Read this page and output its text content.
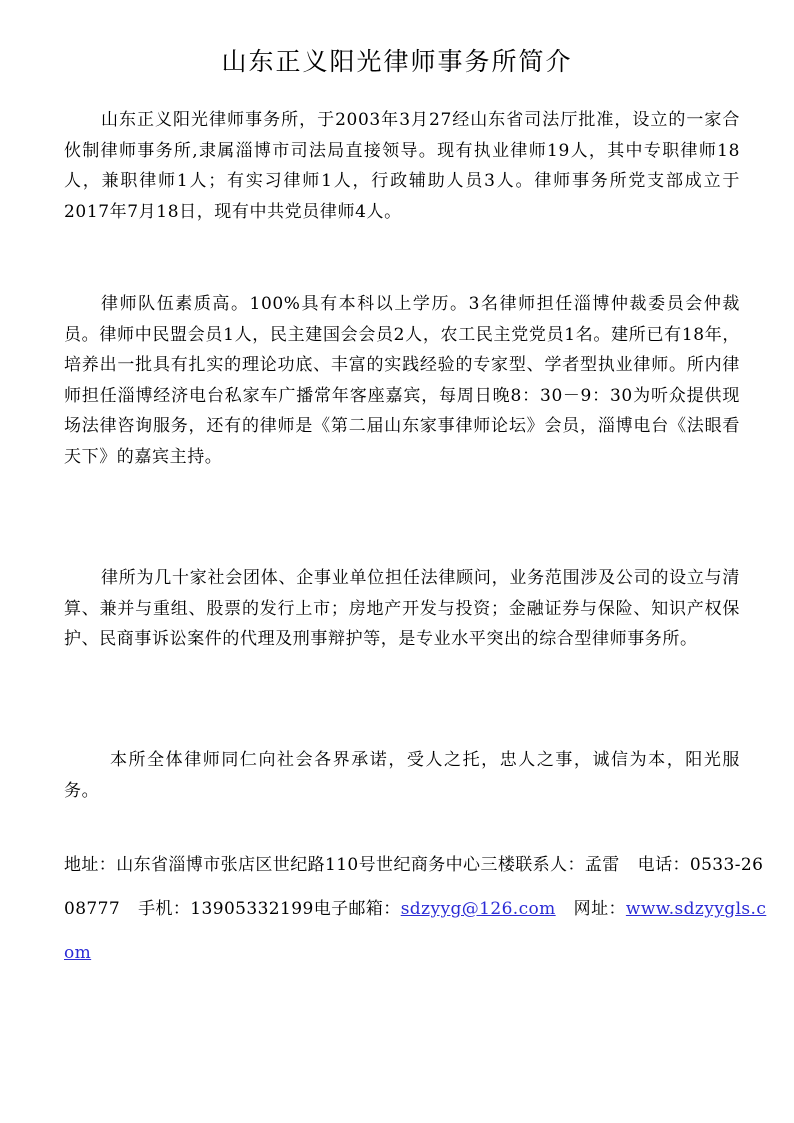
山东正义阳光律师事务所简介

山东正义阳光律师事务所，于2003年3月27经山东省司法厅批准，设立的一家合伙制律师事务所,隶属淄博市司法局直接领导。现有执业律师19人，其中专职律师18人，兼职律师1人；有实习律师1人，行政辅助人员3人。律师事务所党支部成立于2017年7月18日，现有中共党员律师4人。

律师队伍素质高。100%具有本科以上学历。3名律师担任淄博仲裁委员会仲裁员。律师中民盟会员1人，民主建国会会员2人，农工民主党党员1名。建所已有18年，培养出一批具有扎实的理论功底、丰富的实践经验的专家型、学者型执业律师。所内律师担任淄博经济电台私家车广播常年客座嘉宾，每周日晚8：30－9：30为听众提供现场法律咨询服务，还有的律师是《第二届山东家事律师论坛》会员，淄博电台《法眼看天下》的嘉宾主持。

律所为几十家社会团体、企事业单位担任法律顾问，业务范围涉及公司的设立与清算、兼并与重组、股票的发行上市；房地产开发与投资；金融证券与保险、知识产权保护、民商事诉讼案件的代理及刑事辩护等，是专业水平突出的综合型律师事务所。

本所全体律师同仁向社会各界承诺，受人之托，忠人之事，诚信为本，阳光服务。

地址：山东省淄博市张店区世纪路110号世纪商务中心三楼联系人：孟雷 电话：0533-2608777 手机：13905332199电子邮箱：sdzyyg@126.com 网址：www.sdzyygls.com
